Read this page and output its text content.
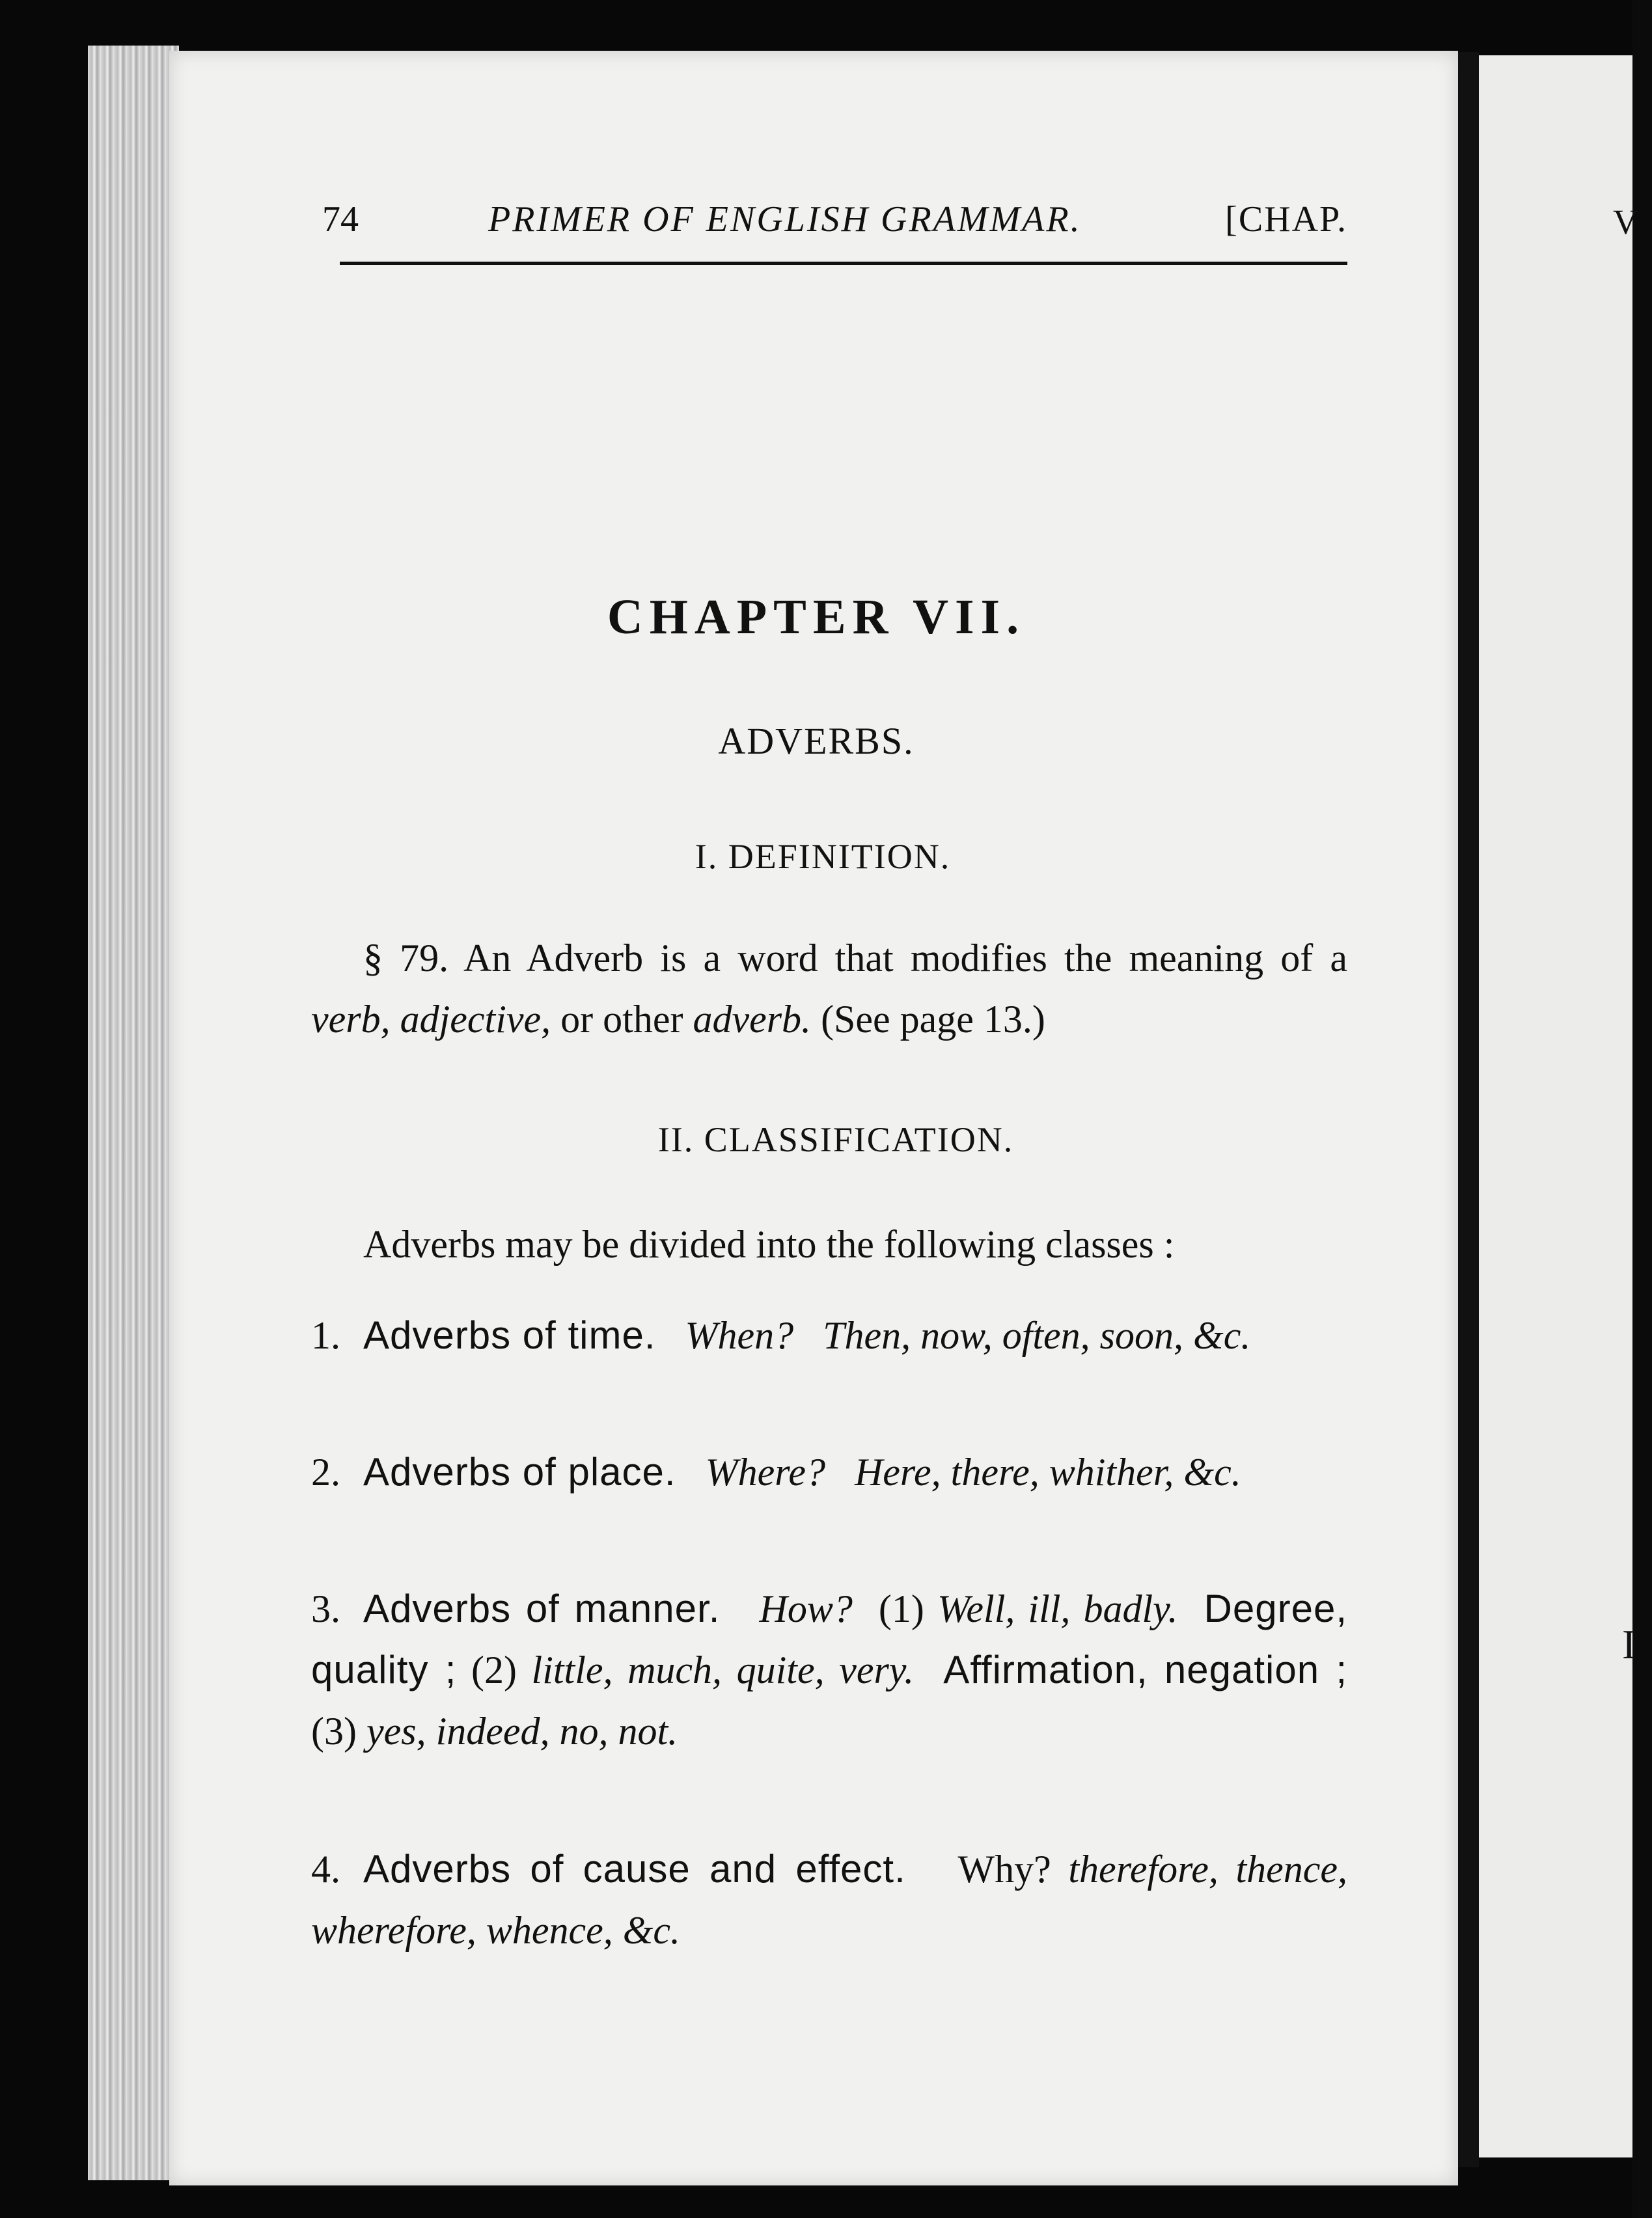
V
I
74	PRIMER OF ENGLISH GRAMMAR.	[CHAP.
CHAPTER VII.
ADVERBS.
I. DEFINITION.
§ 79. An Adverb is a word that modifies the meaning of a verb, adjective, or other adverb. (See page 13.)
II. CLASSIFICATION.
Adverbs may be divided into the following classes :
1. Adverbs of time. When? Then, now, often, soon, &c.
2. Adverbs of place. Where? Here, there, whither, &c.
3. Adverbs of manner. How? (1) Well, ill, badly. Degree, quality ; (2) little, much, quite, very. Affirmation, negation ; (3) yes, indeed, no, not.
4. Adverbs of cause and effect. Why? therefore, thence, wherefore, whence, &c.
